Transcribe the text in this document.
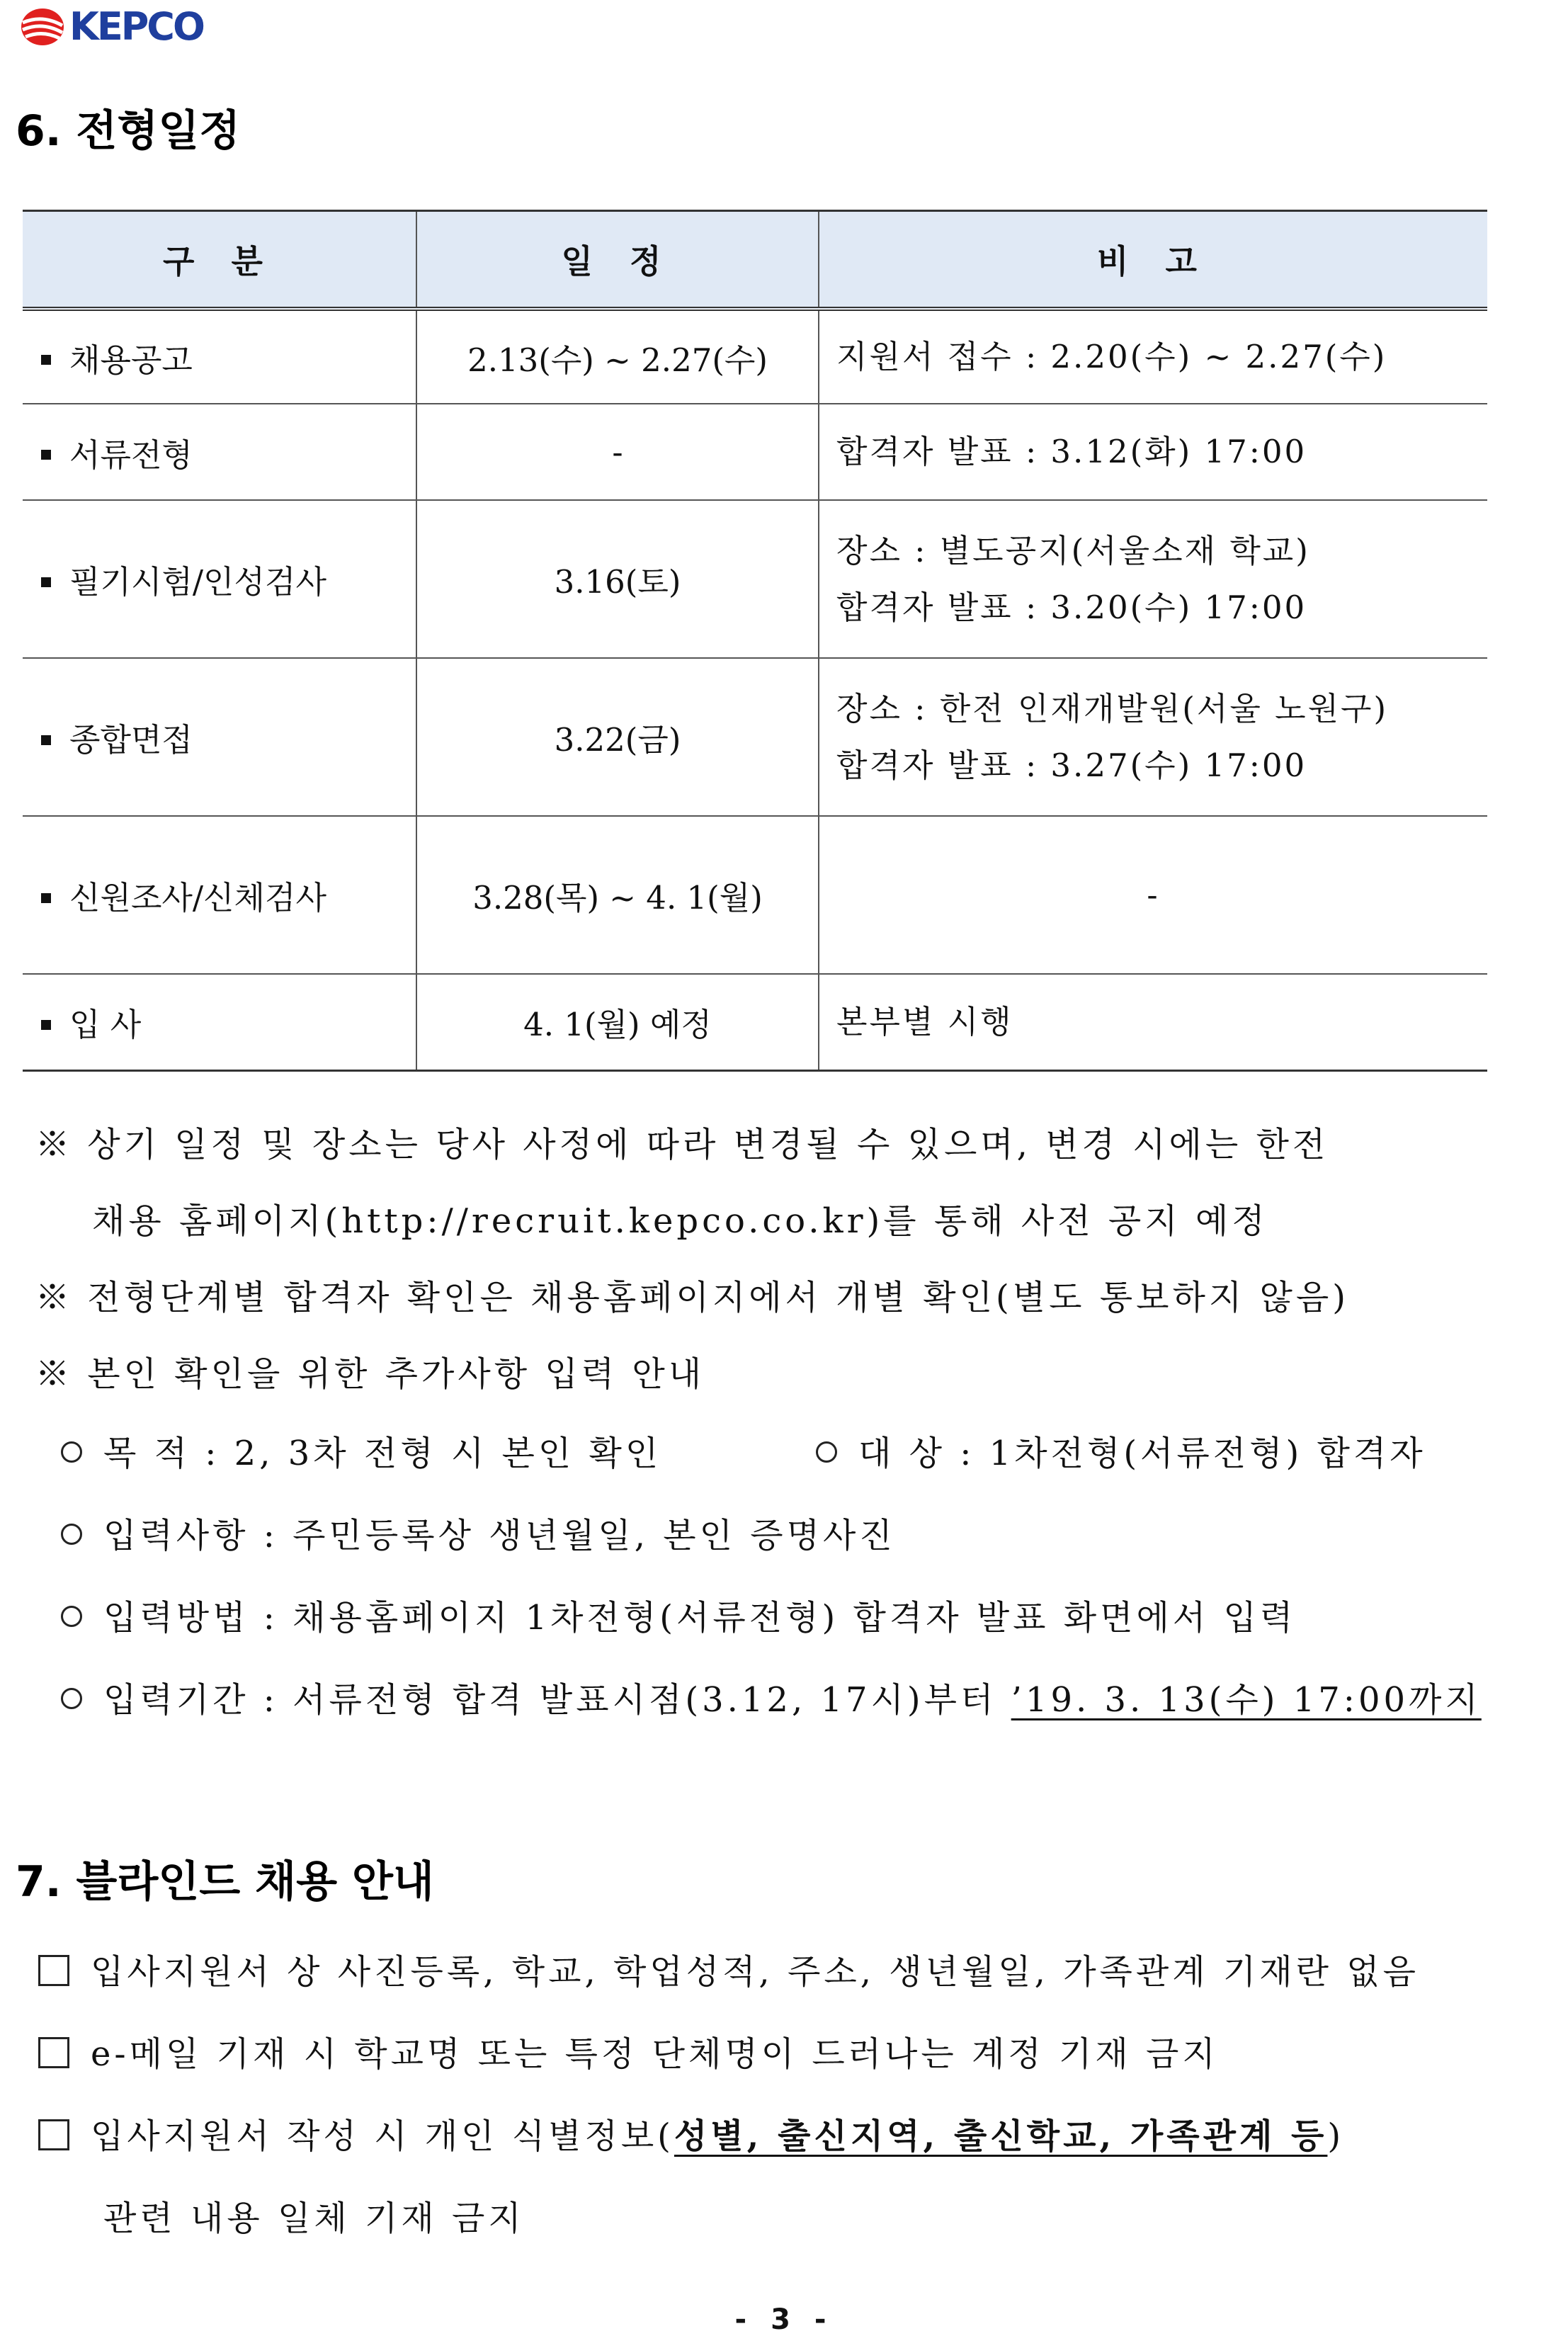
KEPCO
6. 전형일정
구 분	일 정	비 고
채용공고	2.13(수) ~ 2.27(수)	지원서 접수 : 2.20(수) ~ 2.27(수)

서류전형	-	합격자 발표 : 3.12(화) 17:00

필기시험/인성검사	3.16(토)	장소 : 별도공지(서울소재 학교)
합격자 발표 : 3.20(수) 17:00

종합면접	3.22(금)	장소 : 한전 인재개발원(서울 노원구)
합격자 발표 : 3.27(수) 17:00

신원조사/신체검사	3.28(목) ~ 4. 1(월)	-

입 사	4. 1(월) 예정	본부별 시행
※ 상기 일정 및 장소는 당사 사정에 따라 변경될 수 있으며, 변경 시에는 한전
채용 홈페이지(http://recruit.kepco.co.kr)를 통해 사전 공지 예정
※ 전형단계별 합격자 확인은 채용홈페이지에서 개별 확인(별도 통보하지 않음)
※ 본인 확인을 위한 추가사항 입력 안내
목 적 : 2, 3차 전형 시 본인 확인	대 상 : 1차전형(서류전형) 합격자
입력사항 : 주민등록상 생년월일, 본인 증명사진
입력방법 : 채용홈페이지 1차전형(서류전형) 합격자 발표 화면에서 입력
입력기간 : 서류전형 합격 발표시점(3.12, 17시)부터 ’19. 3. 13(수) 17:00까지
7. 블라인드 채용 안내
입사지원서 상 사진등록, 학교, 학업성적, 주소, 생년월일, 가족관계 기재란 없음
e-메일 기재 시 학교명 또는 특정 단체명이 드러나는 계정 기재 금지
입사지원서 작성 시 개인 식별정보(성별, 출신지역, 출신학교, 가족관계 등)
관련 내용 일체 기재 금지
- 3 -
